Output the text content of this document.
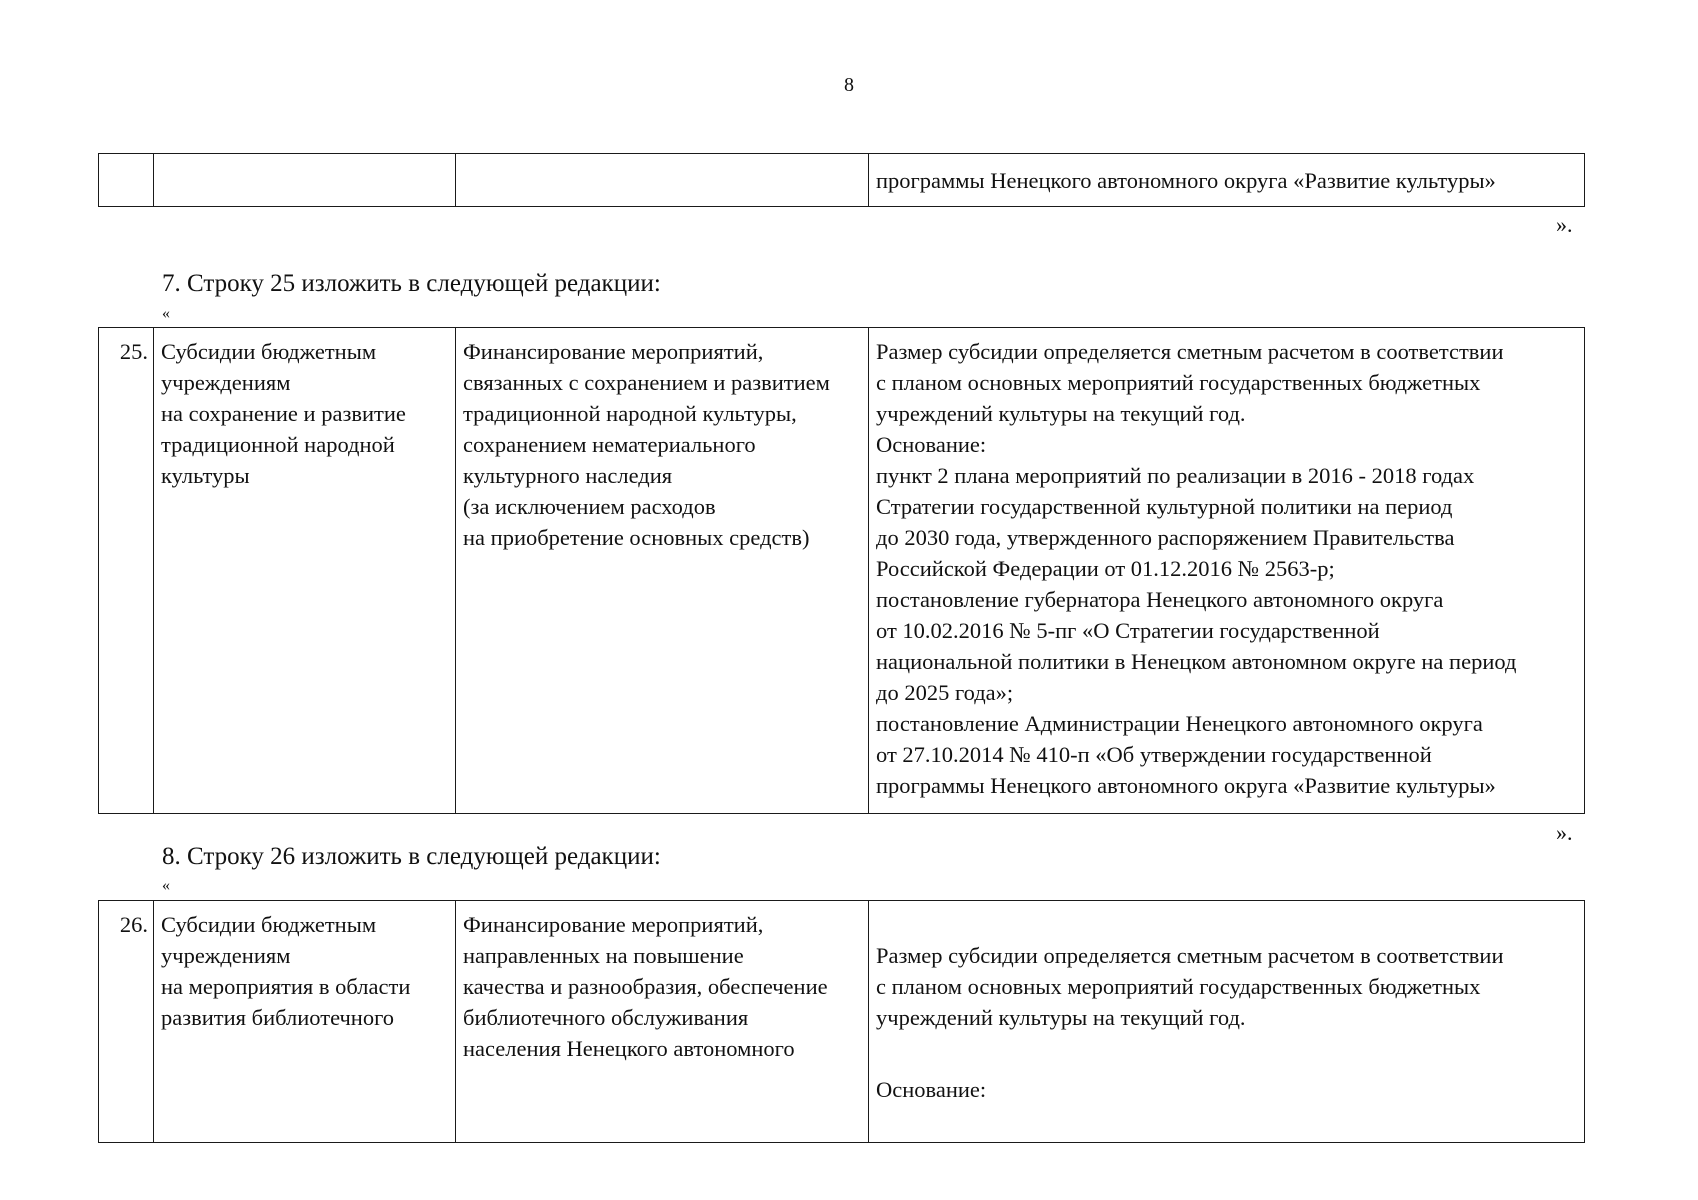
8
			программы Ненецкого автономного округа «Развитие культуры»
».
7. Строку 25 изложить в следующей редакции:
«
25.	Субсидии бюджетным
учреждениям
на сохранение и развитие
традиционной народной
культуры	Финансирование мероприятий,
связанных с сохранением и развитием
традиционной народной культуры,
сохранением нематериального
культурного наследия
(за исключением расходов
на приобретение основных средств)	Размер субсидии определяется сметным расчетом в соответствии
с планом основных мероприятий государственных бюджетных
учреждений культуры на текущий год.
Основание:
пункт 2 плана мероприятий по реализации в 2016 - 2018 годах
Стратегии государственной культурной политики на период
до 2030 года, утвержденного распоряжением Правительства
Российской Федерации от 01.12.2016 № 2563-р;
постановление губернатора Ненецкого автономного округа
от 10.02.2016 № 5-пг «О Стратегии государственной
национальной политики в Ненецком автономном округе на период
до 2025 года»;
постановление Администрации Ненецкого автономного округа
от 27.10.2014 № 410-п «Об утверждении государственной
программы Ненецкого автономного округа «Развитие культуры»
».
8. Строку 26 изложить в следующей редакции:
«
26.	Субсидии бюджетным
учреждениям
на мероприятия в области
развития библиотечного	Финансирование мероприятий,
направленных на повышение
качества и разнообразия, обеспечение
библиотечного обслуживания
населения Ненецкого автономного	

Размер субсидии определяется сметным расчетом в соответствии
с планом основных мероприятий государственных бюджетных
учреждений культуры на текущий год.

Основание:
